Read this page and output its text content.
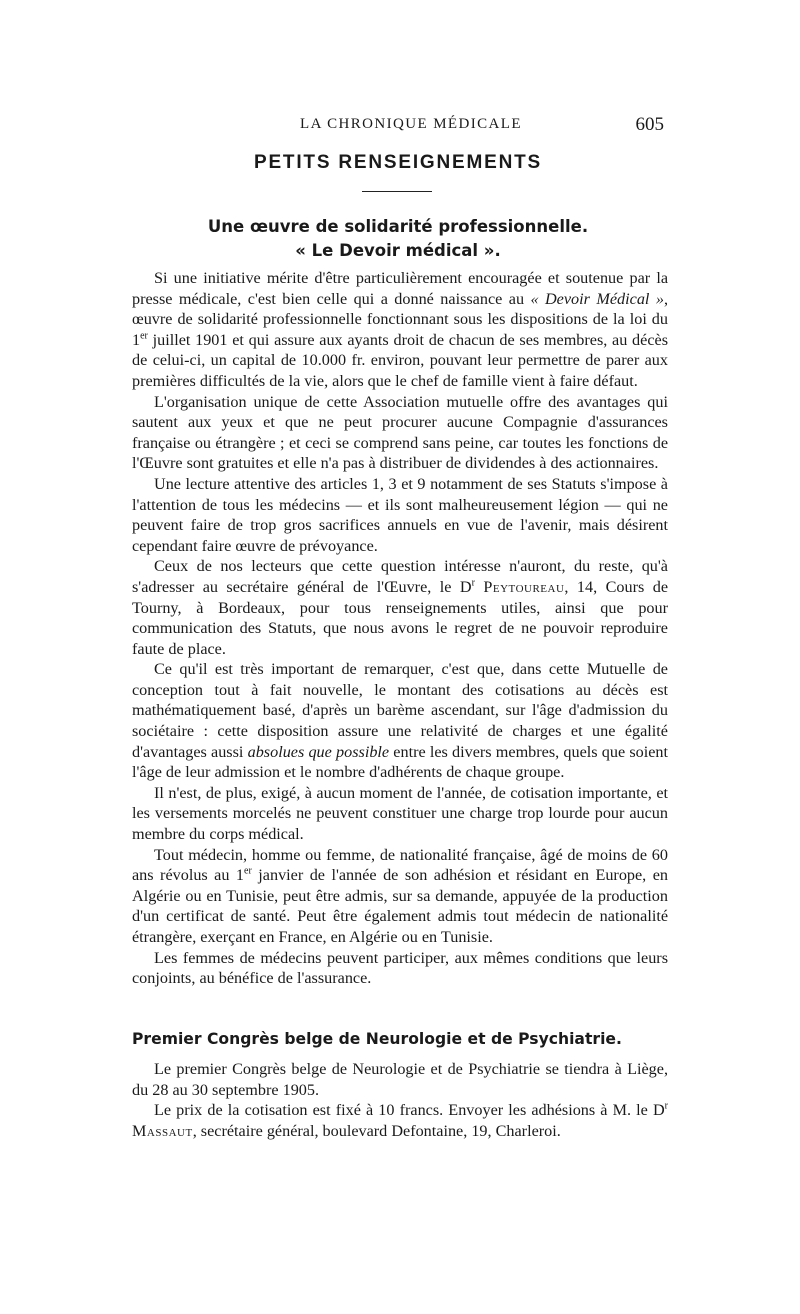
LA CHRONIQUE MÉDICALE	605
PETITS RENSEIGNEMENTS
Une œuvre de solidarité professionnelle.
« Le Devoir médical ».

Si une initiative mérite d'être particulièrement encouragée et soutenue par la presse médicale, c'est bien celle qui a donné naissance au « Devoir Médical », œuvre de solidarité professionnelle fonctionnant sous les dispositions de la loi du 1er juillet 1901 et qui assure aux ayants droit de chacun de ses membres, au décès de celui-ci, un capital de 10.000 fr. environ, pouvant leur permettre de parer aux premières difficultés de la vie, alors que le chef de famille vient à faire défaut.

L'organisation unique de cette Association mutuelle offre des avantages qui sautent aux yeux et que ne peut procurer aucune Compagnie d'assurances française ou étrangère ; et ceci se comprend sans peine, car toutes les fonctions de l'Œuvre sont gratuites et elle n'a pas à distribuer de dividendes à des actionnaires.

Une lecture attentive des articles 1, 3 et 9 notamment de ses Statuts s'impose à l'attention de tous les médecins — et ils sont malheureusement légion — qui ne peuvent faire de trop gros sacrifices annuels en vue de l'avenir, mais désirent cependant faire œuvre de prévoyance.

Ceux de nos lecteurs que cette question intéresse n'auront, du reste, qu'à s'adresser au secrétaire général de l'Œuvre, le $D^r$ Peytoureau, 14, Cours de Tourny, à Bordeaux, pour tous renseignements utiles, ainsi que pour communication des Statuts, que nous avons le regret de ne pouvoir reproduire faute de place.

Ce qu'il est très important de remarquer, c'est que, dans cette Mutuelle de conception tout à fait nouvelle, le montant des cotisations au décès est mathématiquement basé, d'après un barème ascendant, sur l'âge d'admission du sociétaire : cette disposition assure une relativité de charges et une égalité d'avantages aussi absolues que possible entre les divers membres, quels que soient l'âge de leur admission et le nombre d'adhérents de chaque groupe.

Il n'est, de plus, exigé, à aucun moment de l'année, de cotisation importante, et les versements morcelés ne peuvent constituer une charge trop lourde pour aucun membre du corps médical.

Tout médecin, homme ou femme, de nationalité française, âgé de moins de 60 ans révolus au 1er janvier de l'année de son adhésion et résidant en Europe, en Algérie ou en Tunisie, peut être admis, sur sa demande, appuyée de la production d'un certificat de santé. Peut être également admis tout médecin de nationalité étrangère, exerçant en France, en Algérie ou en Tunisie.

Les femmes de médecins peuvent participer, aux mêmes conditions que leurs conjoints, au bénéfice de l'assurance.

Premier Congrès belge de Neurologie et de Psychiatrie.

Le premier Congrès belge de Neurologie et de Psychiatrie se tiendra à Liège, du 28 au 30 septembre 1905.

Le prix de la cotisation est fixé à 10 francs. Envoyer les adhésions à M. le $D^r$ Massaut, secrétaire général, boulevard Defontaine, 19, Charleroi.
